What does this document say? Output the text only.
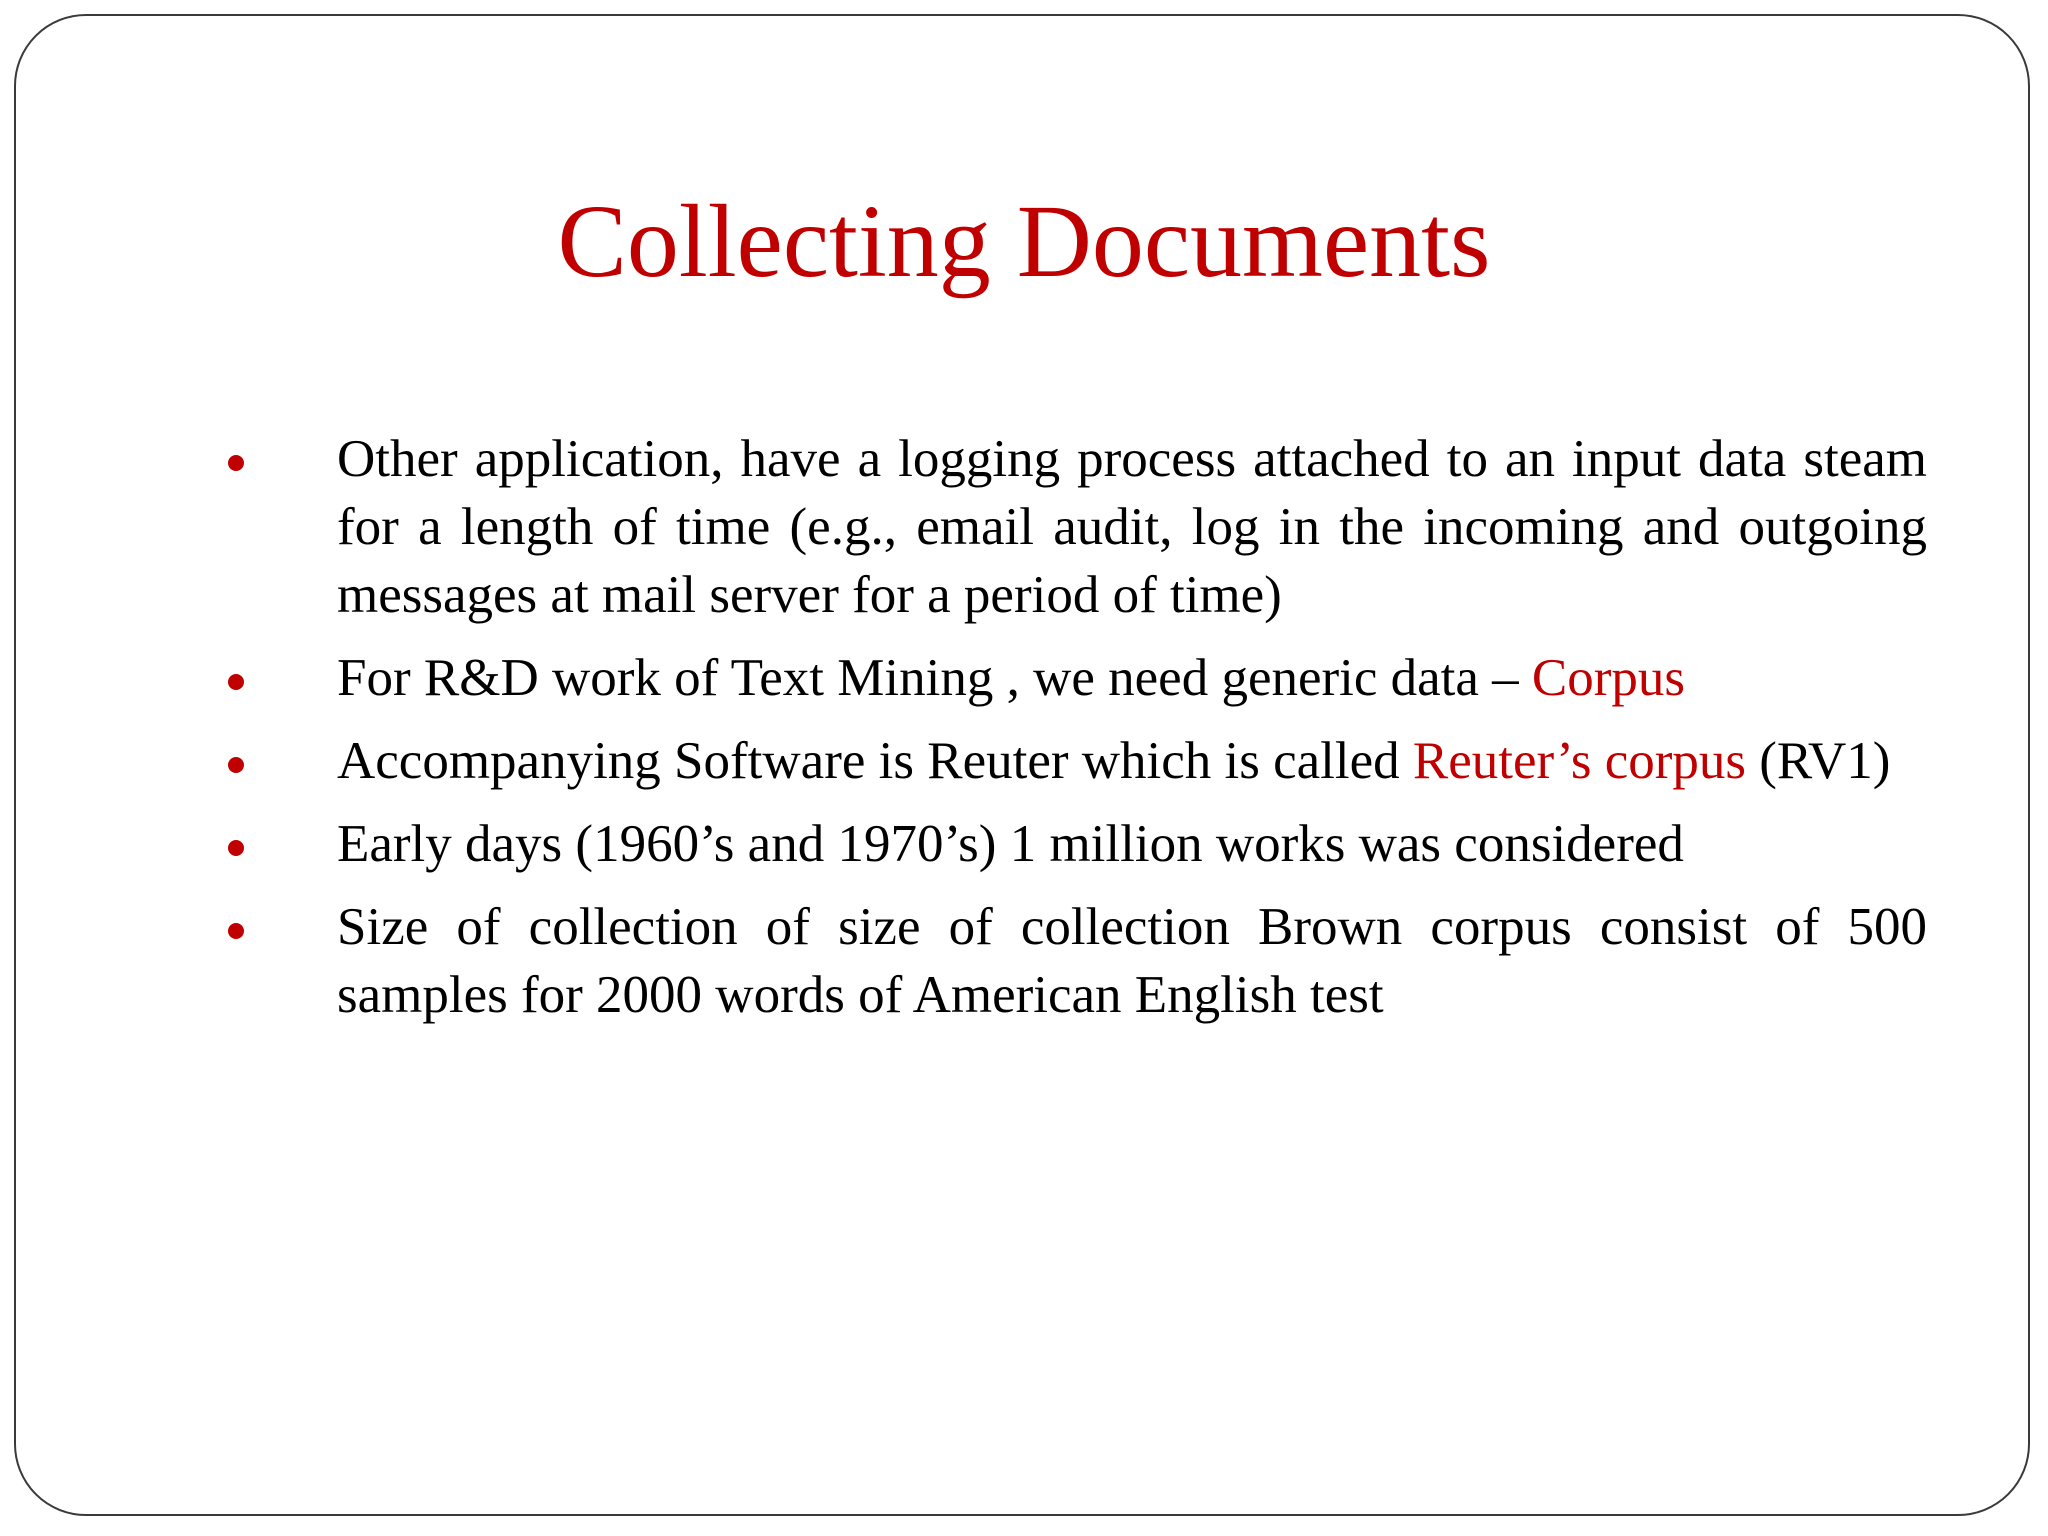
Collecting Documents
Other application, have a logging process attached to an input data steam for a length of time (e.g., email audit, log in the incoming and outgoing messages at mail server for a period of time)
For R&D work of Text Mining , we need generic data – Corpus
Accompanying Software is Reuter which is called Reuter’s corpus (RV1)
Early days (1960’s and 1970’s) 1 million works was considered
Size of collection of size of collection Brown corpus consist of 500 samples for 2000 words of American English test
